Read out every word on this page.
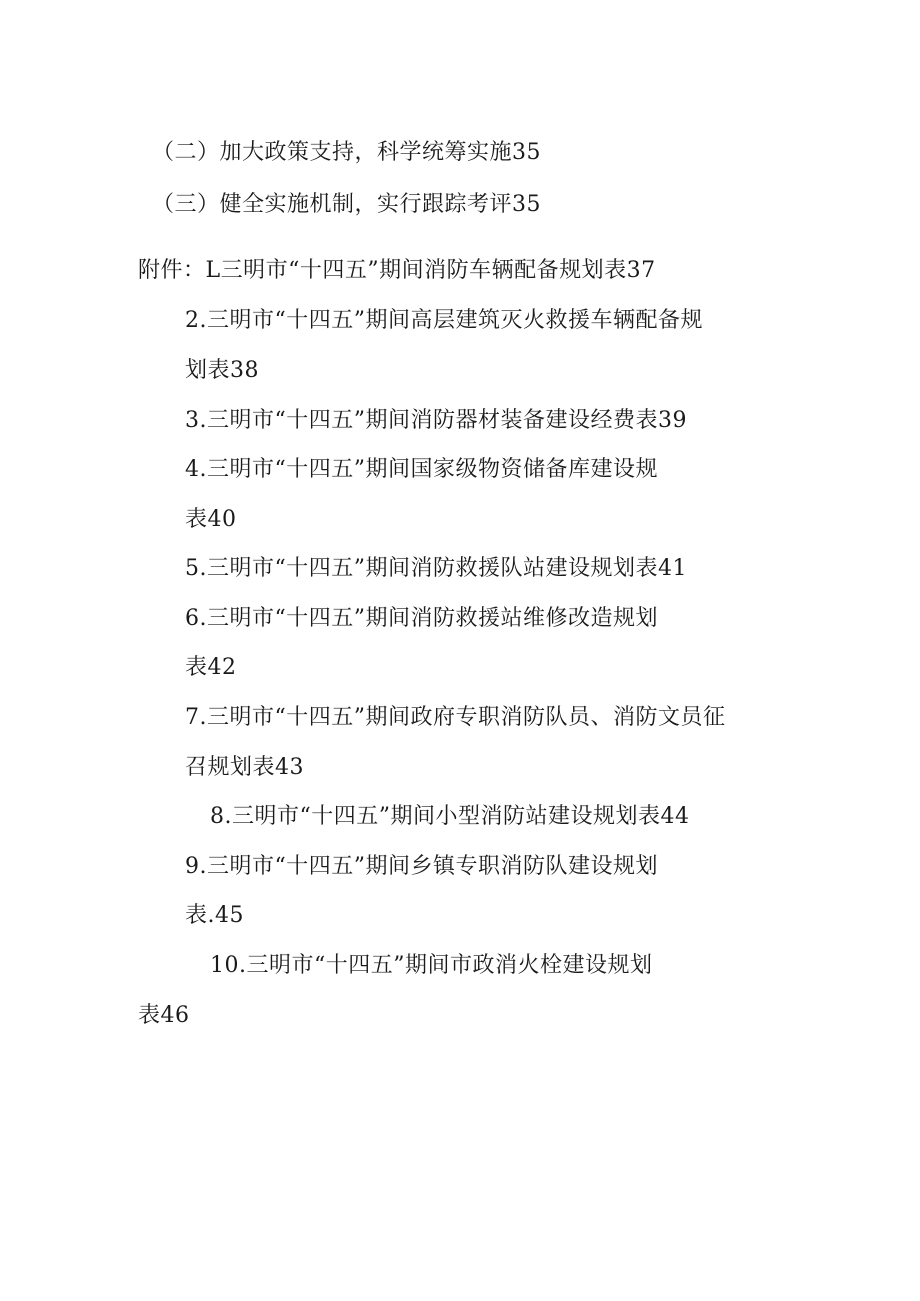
（二）加大政策支持，科学统筹实施35
（三）健全实施机制，实行跟踪考评35
附件：L三明市“十四五”期间消防车辆配备规划表37
2.三明市“十四五”期间高层建筑灭火救援车辆配备规
划表38
3.三明市“十四五”期间消防器材装备建设经费表39
4.三明市“十四五”期间国家级物资储备库建设规
表40
5.三明市“十四五”期间消防救援队站建设规划表41
6.三明市“十四五”期间消防救援站维修改造规划
表42
7.三明市“十四五”期间政府专职消防队员、消防文员征
召规划表43
8.三明市“十四五”期间小型消防站建设规划表44
9.三明市“十四五”期间乡镇专职消防队建设规划
表.45
10.三明市“十四五”期间市政消火栓建设规划
表46
